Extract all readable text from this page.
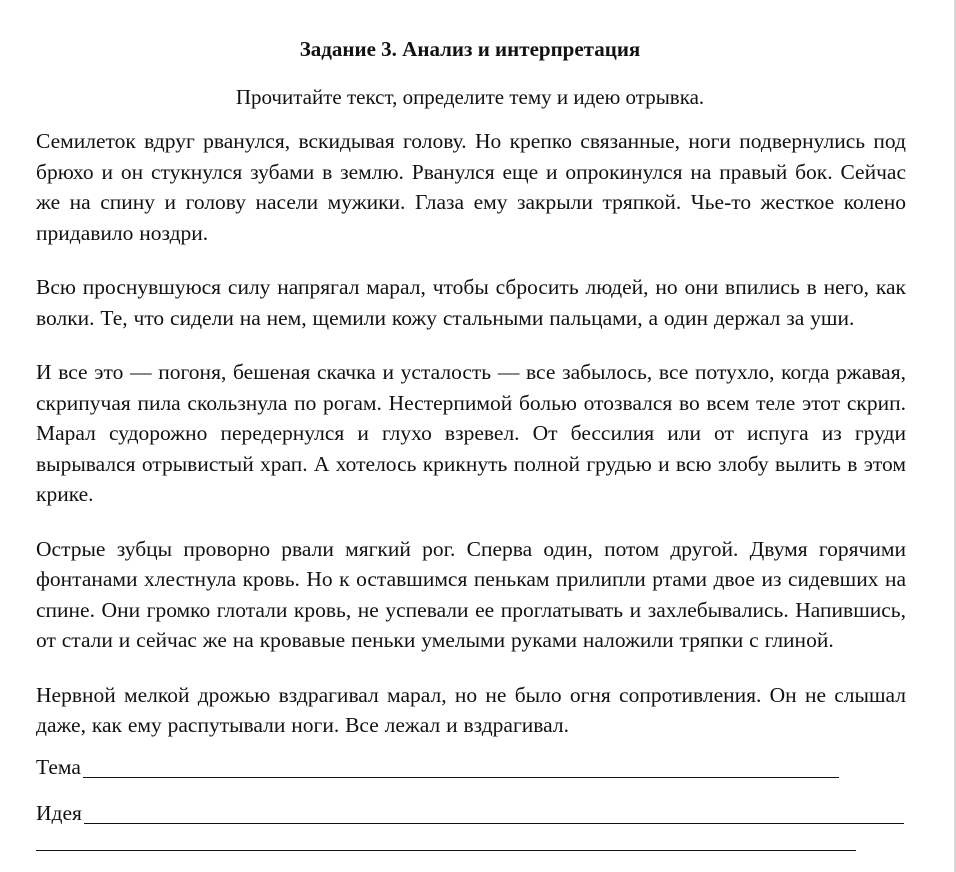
Задание 3. Анализ и интерпретация
Прочитайте текст, определите тему и идею отрывка.

Семилеток вдруг рванулся, вскидывая голову. Но крепко связанные, ноги подвернулись под брюхо и он стукнулся зубами в землю. Рванулся еще и опрокинулся на правый бок. Сейчас же на спину и голову насели мужики. Глаза ему закрыли тряпкой. Чье-то жесткое колено придавило ноздри.

Всю проснувшуюся силу напрягал марал, чтобы сбросить людей, но они впились в него, как волки. Те, что сидели на нем, щемили кожу стальными пальцами, а один держал за уши.

И все это — погоня, бешеная скачка и усталость — все забылось, все потухло, когда ржавая, скрипучая пила скользнула по рогам. Нестерпимой болью отозвался во всем теле этот скрип. Марал судорожно передернулся и глухо взревел. От бессилия или от испуга из груди вырывался отрывистый храп. А хотелось крикнуть полной грудью и всю злобу вылить в этом крике.

Острые зубцы проворно рвали мягкий рог. Сперва один, потом другой. Двумя горячими фонтанами хлестнула кровь. Но к оставшимся пенькам прилипли ртами двое из сидевших на спине. Они громко глотали кровь, не успевали ее проглатывать и захлебывались. Напившись, от стали и сейчас же на кровавые пеньки умелыми руками наложили тряпки с глиной.

Нервной мелкой дрожью вздрагивал марал, но не было огня сопротивления. Он не слышал даже, как ему распутывали ноги. Все лежал и вздрагивал.

Тема
Идея
